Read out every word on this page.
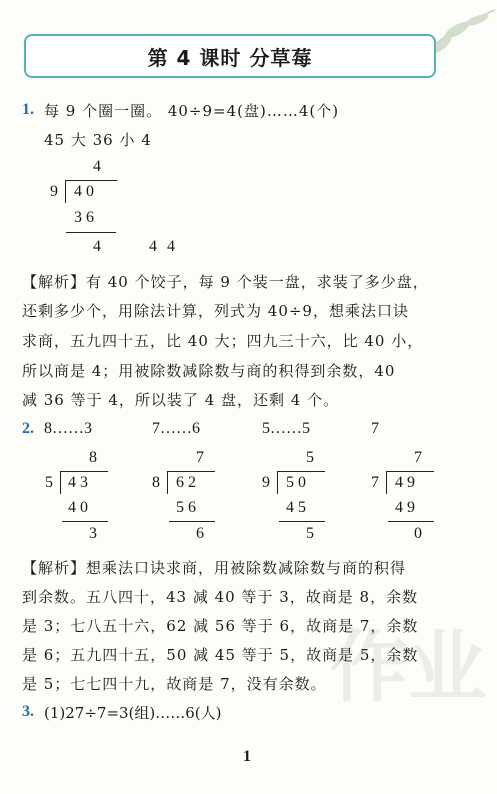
第 4 课时 分草莓
1. 每 9 个圈一圈。 40÷9=4(盘)……4(个)
45 大 36 小 4
4
9 4 0
3 6
4	4 4
【解析】有 40 个饺子，每 9 个装一盘，求装了多少盘，
还剩多少个，用除法计算，列式为 40÷9，想乘法口诀
求商，五九四十五，比 40 大；四九三十六，比 40 小，
所以商是 4；用被除数减除数与商的积得到余数，40
减 36 等于 4，所以装了 4 盘，还剩 4 个。
2. 8……3	7……6	5……5	7
8
5 4 3
4 0
3
7
8 6 2
5 6
6
5
9 5 0
4 5
5
7
7 4 9
4 9
0
【解析】想乘法口诀求商，用被除数减除数与商的积得
到余数。五八四十，43 减 40 等于 3，故商是 8，余数
是 3；七八五十六，62 减 56 等于 6，故商是 7，余数
是 6；五九四十五，50 减 45 等于 5，故商是 5，余数
是 5；七七四十九，故商是 7，没有余数。
3. (1)27÷7=3(组)……6(人) 作业
1
